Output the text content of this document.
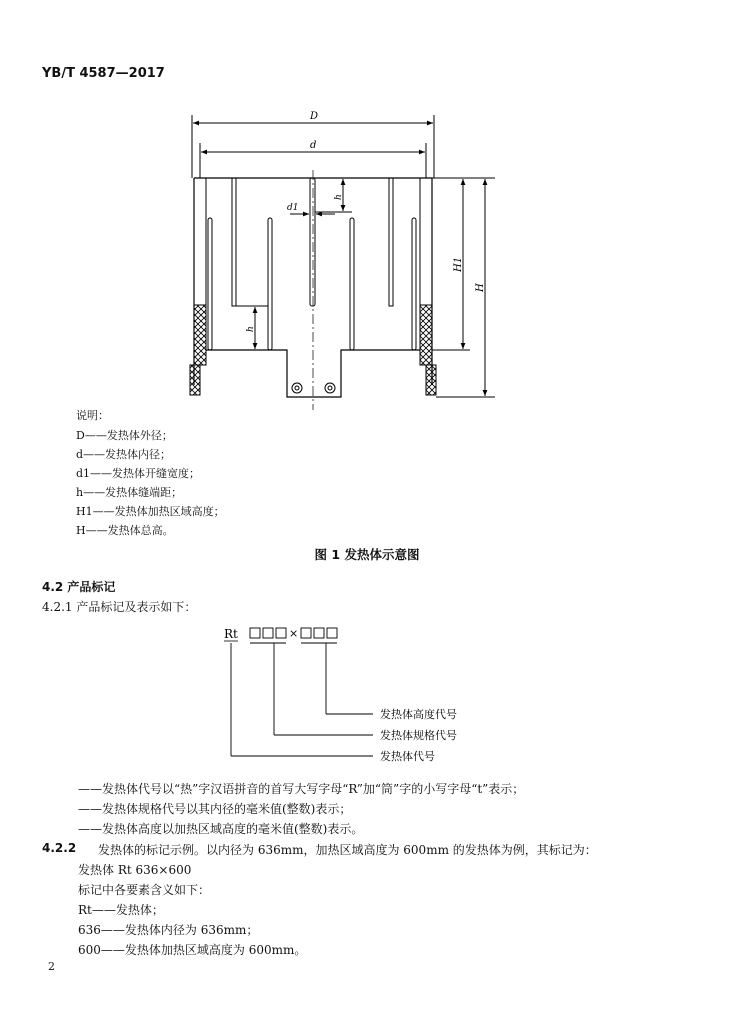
YB/T 4587—2017
D
d
d1
h
h
H1
H
说明：
D——发热体外径；
d——发热体内径；
d1——发热体开缝宽度；
h——发热体缝端距；
H1——发热体加热区域高度；
H——发热体总高。
图 1 发热体示意图
4.2 产品标记
4.2.1 产品标记及表示如下：
Rt	×
发热体高度代号
发热体规格代号
发热体代号
——发热体代号以“热”字汉语拼音的首写大写字母“R”加“筒”字的小写字母“t”表示；
——发热体规格代号以其内径的毫米值(整数)表示；
——发热体高度以加热区域高度的毫米值(整数)表示。
4.2.2 发热体的标记示例。以内径为 636mm，加热区域高度为 600mm 的发热体为例，其标记为：
发热体 Rt 636×600
标记中各要素含义如下：
Rt——发热体；
636——发热体内径为 636mm；
600——发热体加热区域高度为 600mm。
2
